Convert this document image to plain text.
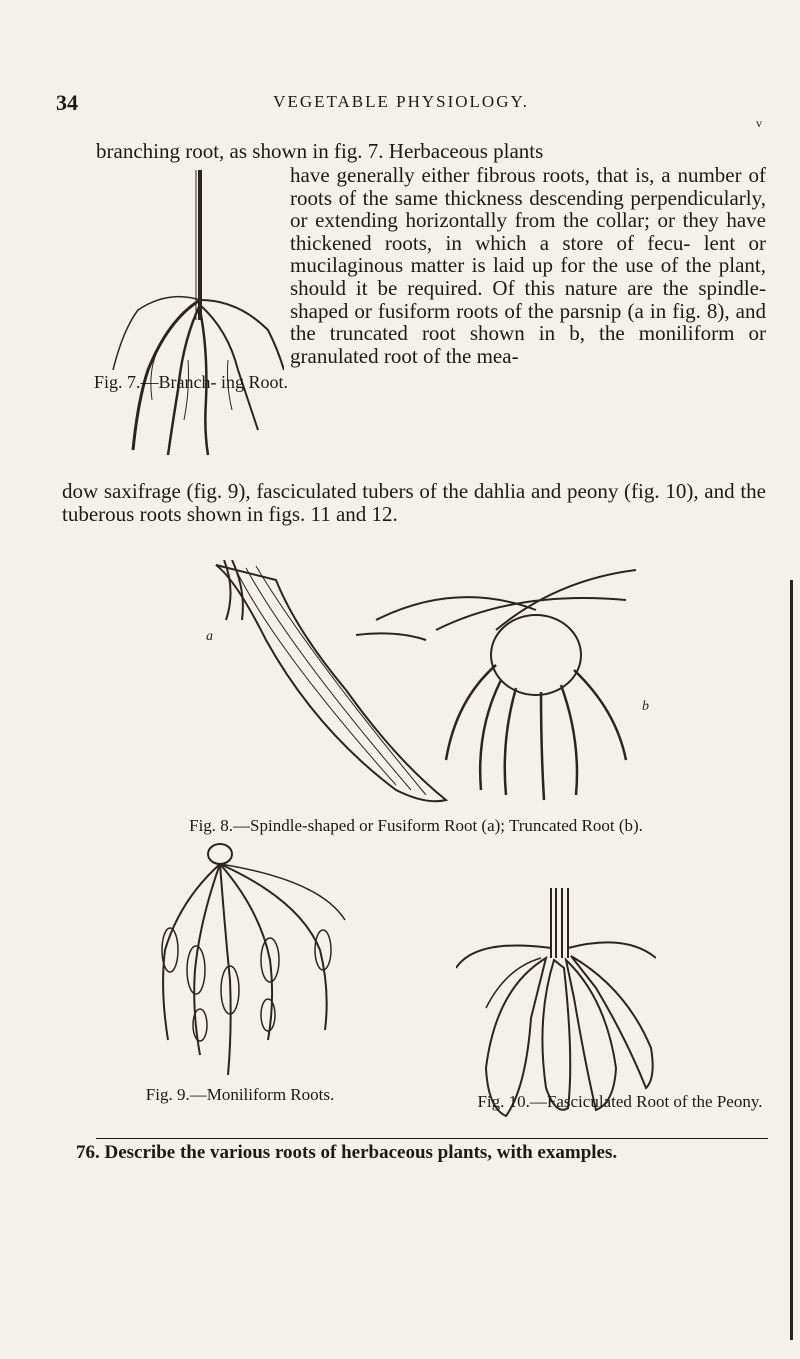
34	VEGETABLE PHYSIOLOGY.
v
branching root, as shown in fig. 7. Herbaceous plants
have generally either fibrous roots, that is, a number of roots of the same thickness descending perpendicularly, or extending horizontally from the collar; or they have thickened roots, in which a store of fecu- lent or mucilaginous matter is laid up for the use of the plant, should it be required. Of this nature are the spindle-shaped or fusiform roots of the parsnip (a in fig. 8), and the truncated root shown in b, the moniliform or granulated root of the mea-
Fig. 7.—Branch- ing Root.
dow saxifrage (fig. 9), fasciculated tubers of the dahlia and peony (fig. 10), and the tuberous roots shown in figs. 11 and 12.
a
b
Fig. 8.—Spindle-shaped or Fusiform Root (a); Truncated Root (b).
Fig. 9.—Moniliform Roots.	Fig. 10.—Fasciculated Root of the Peony.
76. Describe the various roots of herbaceous plants, with examples.
